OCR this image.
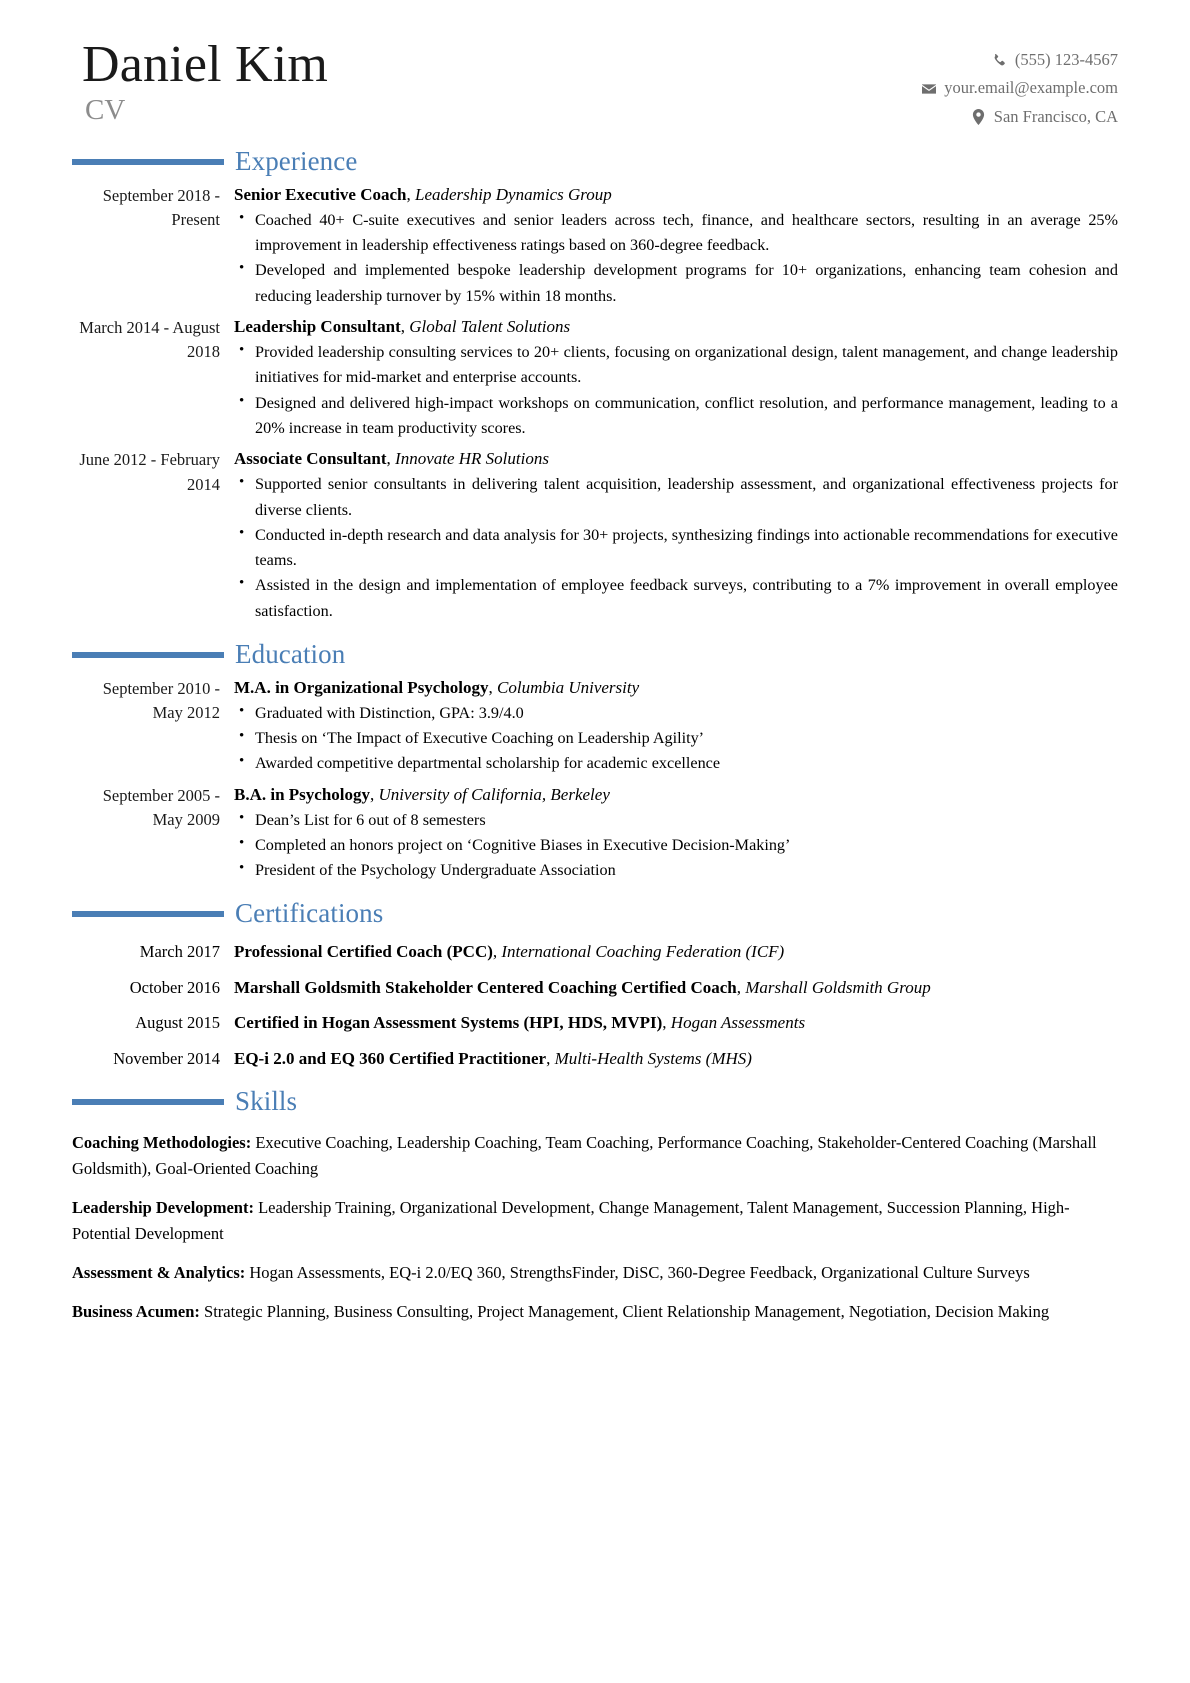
Daniel Kim
CV
(555) 123-4567
your.email@example.com
San Francisco, CA
Experience
September 2018 - Present
Senior Executive Coach, Leadership Dynamics Group
• Coached 40+ C-suite executives and senior leaders across tech, finance, and healthcare sectors, resulting in an average 25% improvement in leadership effectiveness ratings based on 360-degree feedback.
• Developed and implemented bespoke leadership development programs for 10+ organizations, enhancing team cohesion and reducing leadership turnover by 15% within 18 months.
March 2014 - August 2018
Leadership Consultant, Global Talent Solutions
• Provided leadership consulting services to 20+ clients, focusing on organizational design, talent management, and change leadership initiatives for mid-market and enterprise accounts.
• Designed and delivered high-impact workshops on communication, conflict resolution, and performance management, leading to a 20% increase in team productivity scores.
June 2012 - February 2014
Associate Consultant, Innovate HR Solutions
• Supported senior consultants in delivering talent acquisition, leadership assessment, and organizational effectiveness projects for diverse clients.
• Conducted in-depth research and data analysis for 30+ projects, synthesizing findings into actionable recommendations for executive teams.
• Assisted in the design and implementation of employee feedback surveys, contributing to a 7% improvement in overall employee satisfaction.
Education
September 2010 - May 2012
M.A. in Organizational Psychology, Columbia University
• Graduated with Distinction, GPA: 3.9/4.0
• Thesis on ‘The Impact of Executive Coaching on Leadership Agility’
• Awarded competitive departmental scholarship for academic excellence
September 2005 - May 2009
B.A. in Psychology, University of California, Berkeley
• Dean’s List for 6 out of 8 semesters
• Completed an honors project on ‘Cognitive Biases in Executive Decision-Making’
• President of the Psychology Undergraduate Association
Certifications
March 2017 Professional Certified Coach (PCC), International Coaching Federation (ICF)
October 2016 Marshall Goldsmith Stakeholder Centered Coaching Certified Coach, Marshall Goldsmith Group
August 2015 Certified in Hogan Assessment Systems (HPI, HDS, MVPI), Hogan Assessments
November 2014 EQ-i 2.0 and EQ 360 Certified Practitioner, Multi-Health Systems (MHS)
Skills
Coaching Methodologies: Executive Coaching, Leadership Coaching, Team Coaching, Performance Coaching, Stakeholder-Centered Coaching (Marshall Goldsmith), Goal-Oriented Coaching
Leadership Development: Leadership Training, Organizational Development, Change Management, Talent Management, Succession Planning, High-Potential Development
Assessment & Analytics: Hogan Assessments, EQ-i 2.0/EQ 360, StrengthsFinder, DiSC, 360-Degree Feedback, Organizational Culture Surveys
Business Acumen: Strategic Planning, Business Consulting, Project Management, Client Relationship Management, Negotiation, Decision Making
